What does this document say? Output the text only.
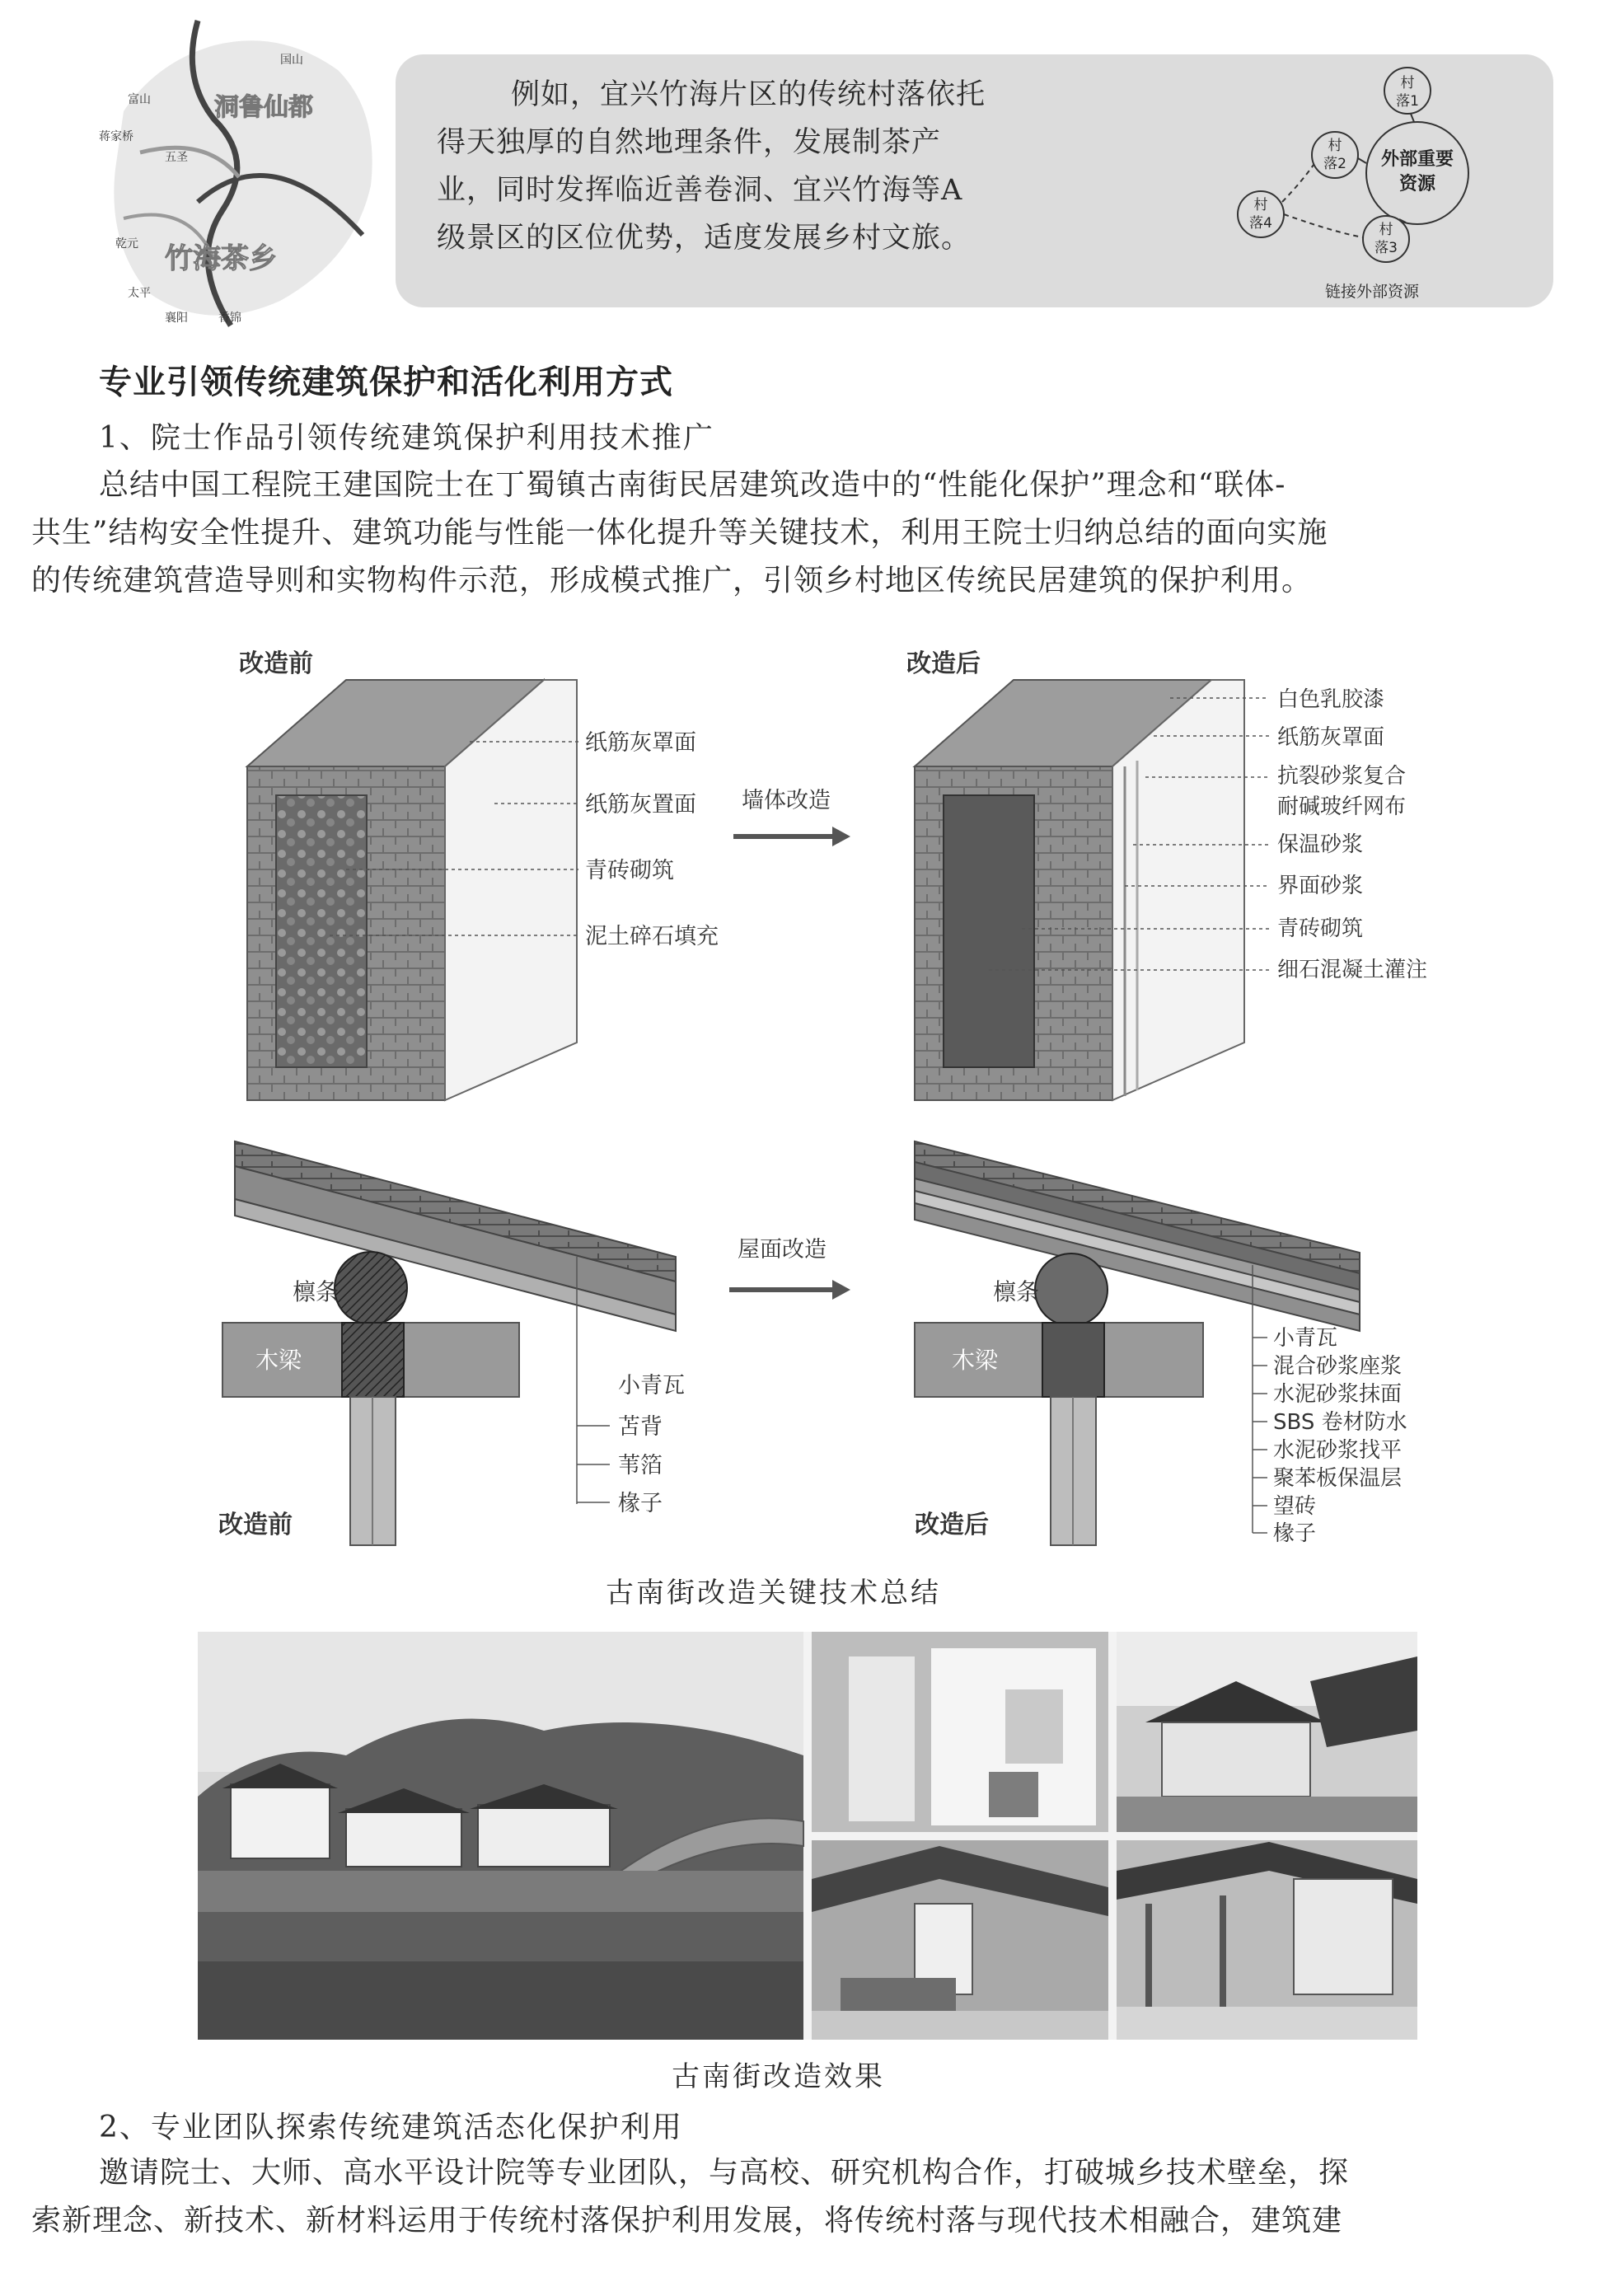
国山
富山	洞鲁仙都
蒋家桥
五圣
乾元 竹海茶乡
太平
襄阳	香锦

例如，宜兴竹海片区的传统村落依托

得天独厚的自然地理条件，发展制茶产

业，同时发挥临近善卷洞、宜兴竹海等A

级景区的区位优势，适度发展乡村文旅。

外部重要
资源
村
落1
村
落2
村
落4	村
落3
链接外部资源
专业引领传统建筑保护和活化利用方式
1、院士作品引领传统建筑保护利用技术推广

总结中国工程院王建国院士在丁蜀镇古南街民居建筑改造中的“性能化保护”理念和“联体-

共生”结构安全性提升、建筑功能与性能一体化提升等关键技术，利用王院士归纳总结的面向实施

的传统建筑营造导则和实物构件示范，形成模式推广，引领乡村地区传统民居建筑的保护利用。

改造前
纸筋灰罩面
纸筋灰置面
青砖砌筑
泥土碎石填充
墙体改造
改造后
白色乳胶漆
纸筋灰罩面
抗裂砂浆复合
耐碱玻纤网布
保温砂浆
界面砂浆
青砖砌筑
细石混凝土灌注
檩条
木梁
小青瓦
苫背
苇箔
椽子
屋面改造
檩条
木梁
小青瓦
混合砂浆座浆
水泥砂浆抹面
SBS 卷材防水
水泥砂浆找平
聚苯板保温层
望砖
椽子
改造前	改造后
古南街改造关键技术总结
古南街改造效果
2、专业团队探索传统建筑活态化保护利用

邀请院士、大师、高水平设计院等专业团队，与高校、研究机构合作，打破城乡技术壁垒，探

索新理念、新技术、新材料运用于传统村落保护利用发展，将传统村落与现代技术相融合，建筑建
